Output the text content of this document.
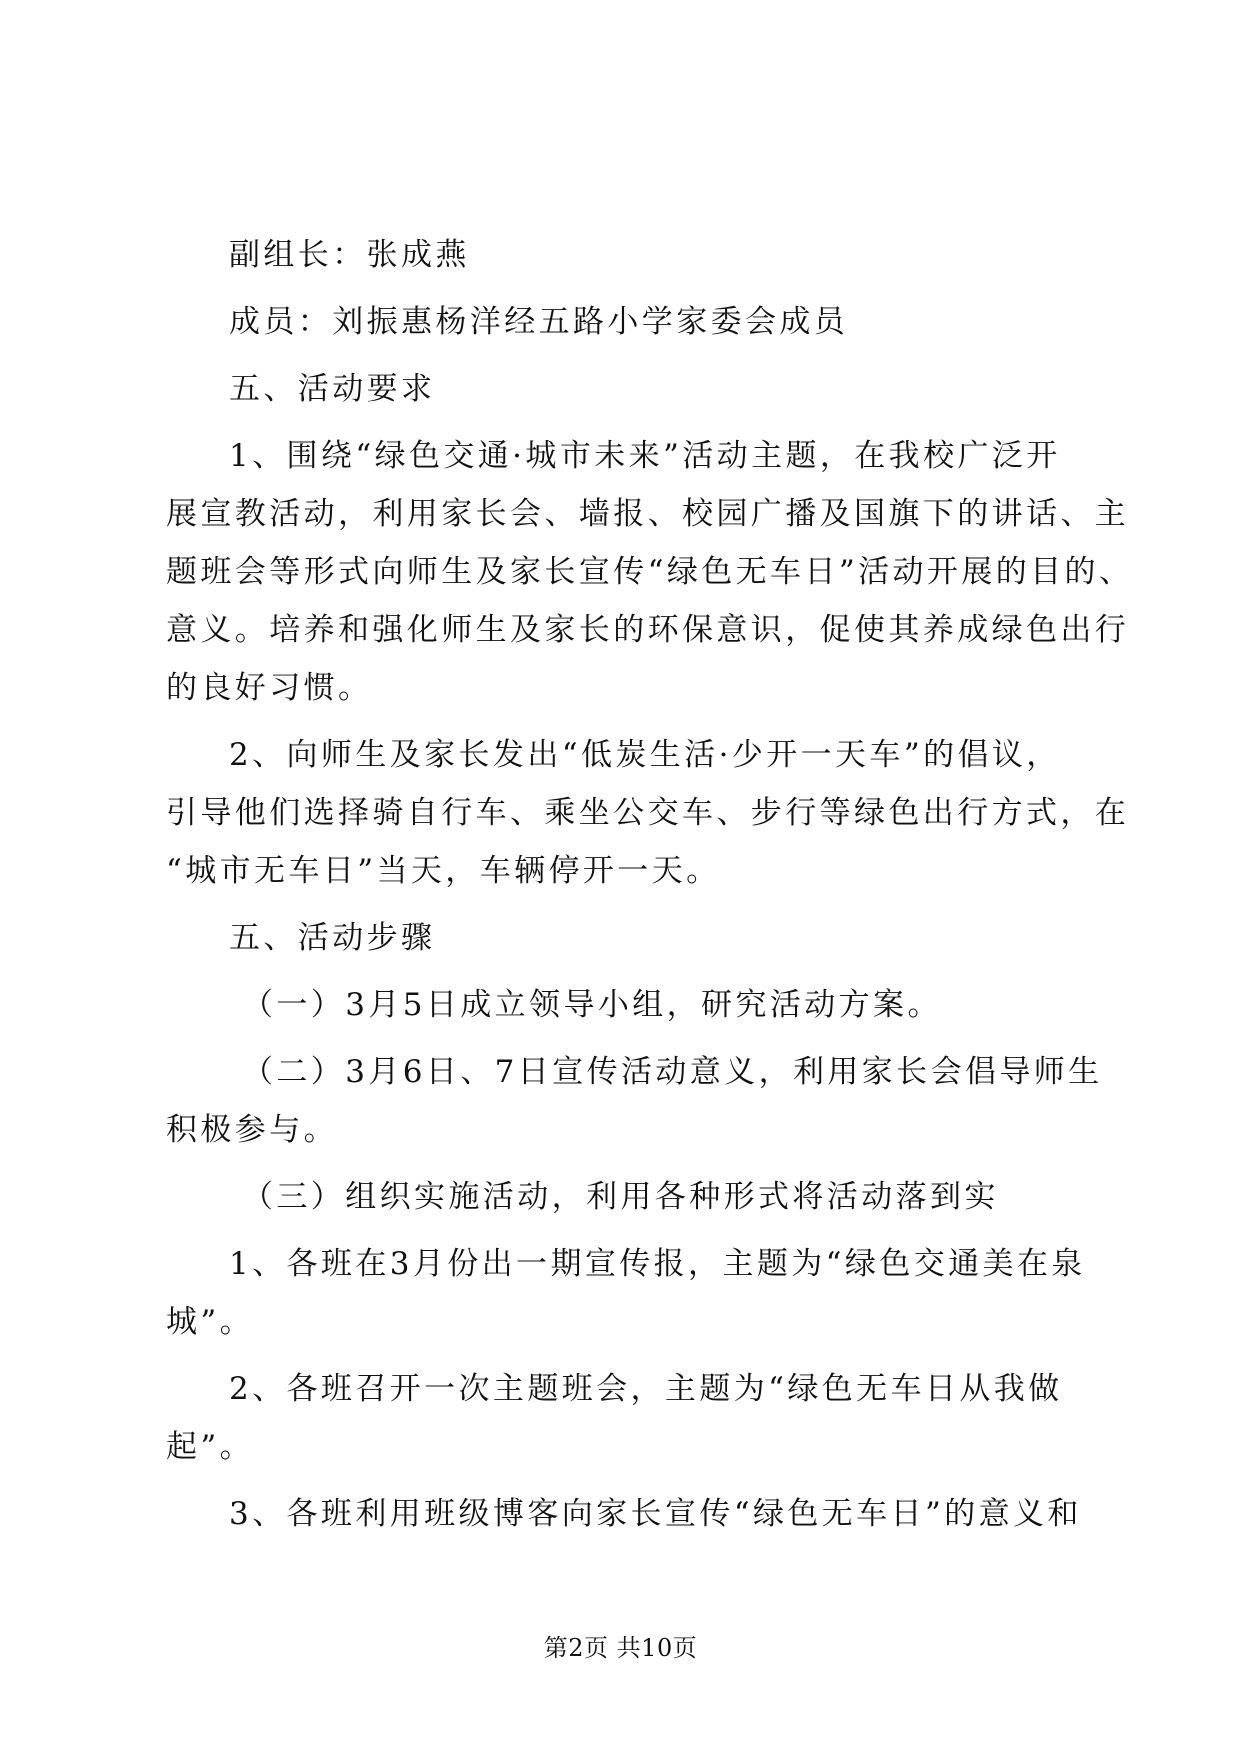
副组长：张成燕
成员：刘振惠杨洋经五路小学家委会成员
五、活动要求
1、围绕“绿色交通·城市未来”活动主题，在我校广泛开
展宣教活动，利用家长会、墙报、校园广播及国旗下的讲话、主
题班会等形式向师生及家长宣传“绿色无车日”活动开展的目的、
意义。培养和强化师生及家长的环保意识，促使其养成绿色出行
的良好习惯。
2、向师生及家长发出“低炭生活·少开一天车”的倡议，
引导他们选择骑自行车、乘坐公交车、步行等绿色出行方式，在
“城市无车日”当天，车辆停开一天。
五、活动步骤
（一）3月5日成立领导小组，研究活动方案。
（二）3月6日、7日宣传活动意义，利用家长会倡导师生
积极参与。
（三）组织实施活动，利用各种形式将活动落到实
1、各班在3月份出一期宣传报，主题为“绿色交通美在泉
城”。
2、各班召开一次主题班会，主题为“绿色无车日从我做
起”。
3、各班利用班级博客向家长宣传“绿色无车日”的意义和
第2页 共10页
